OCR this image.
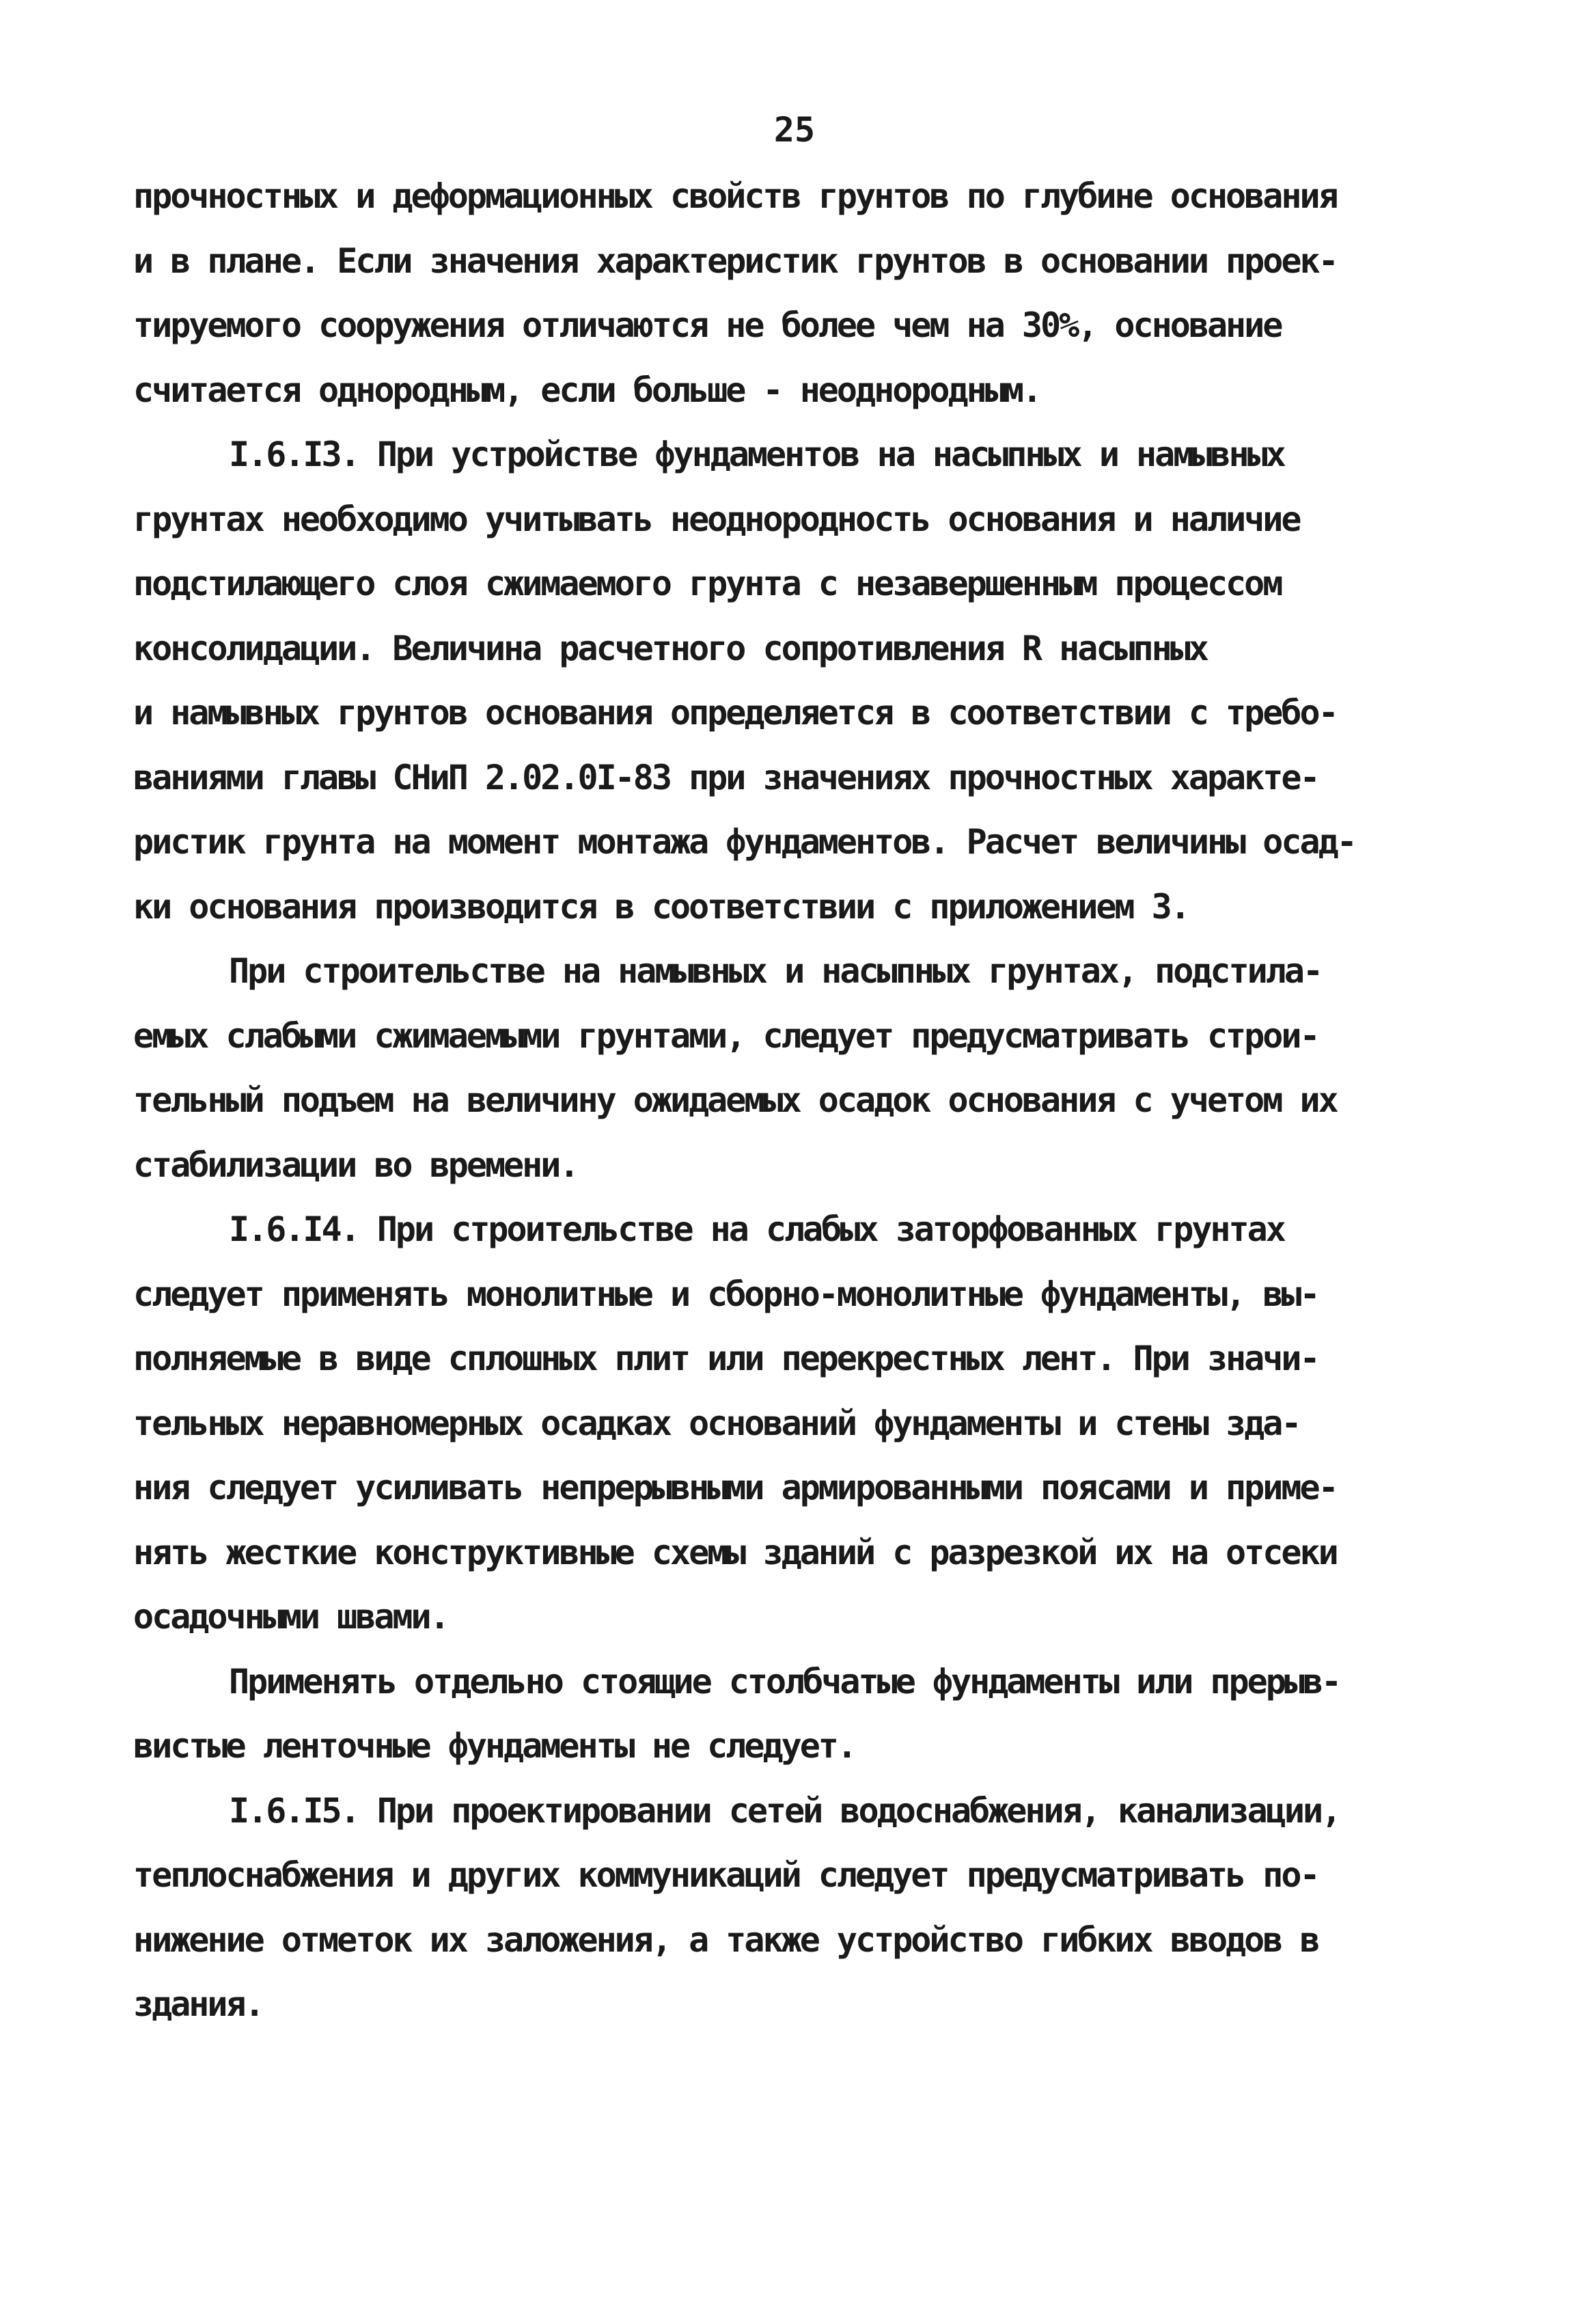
25
прочностных и деформационных свойств грунтов по глубине основания
и в плане. Если значения характеристик грунтов в основании проек-
тируемого сооружения отличаются не более чем на 30%, основание
считается однородным, если больше - неоднородным.
I.6.I3. При устройстве фундаментов на насыпных и намывных
грунтах необходимо учитывать неоднородность основания и наличие
подстилающего слоя сжимаемого грунта с незавершенным процессом
консолидации. Величина расчетного сопротивления R насыпных
и намывных грунтов основания определяется в соответствии с требо-
ваниями главы СНиП 2.02.0I-83 при значениях прочностных характе-
ристик грунта на момент монтажа фундаментов. Расчет величины осад-
ки основания производится в соответствии с приложением 3.
При строительстве на намывных и насыпных грунтах, подстила-
емых слабыми сжимаемыми грунтами, следует предусматривать строи-
тельный подъем на величину ожидаемых осадок основания с учетом их
стабилизации во времени.
I.6.I4. При строительстве на слабых заторфованных грунтах
следует применять монолитные и сборно-монолитные фундаменты, вы-
полняемые в виде сплошных плит или перекрестных лент. При значи-
тельных неравномерных осадках оснований фундаменты и стены зда-
ния следует усиливать непрерывными армированными поясами и приме-
нять жесткие конструктивные схемы зданий с разрезкой их на отсеки
осадочными швами.
Применять отдельно стоящие столбчатые фундаменты или прерыв-
вистые ленточные фундаменты не следует.
I.6.I5. При проектировании сетей водоснабжения, канализации,
теплоснабжения и других коммуникаций следует предусматривать по-
нижение отметок их заложения, а также устройство гибких вводов в
здания.
